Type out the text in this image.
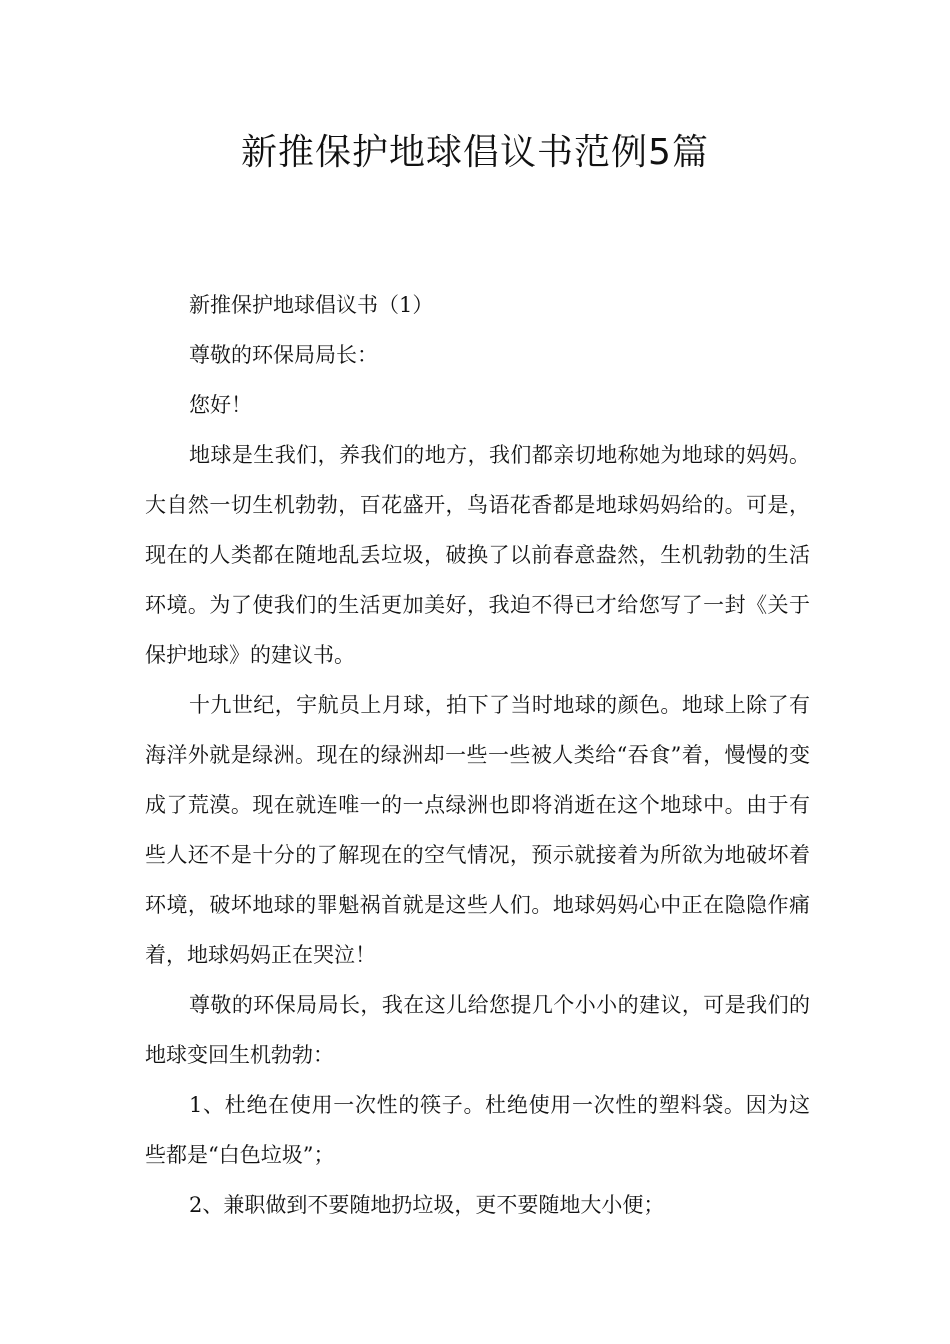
新推保护地球倡议书范例5篇

新推保护地球倡议书（1）

尊敬的环保局局长：

您好！

地球是生我们，养我们的地方，我们都亲切地称她为地球的妈妈。大自然一切生机勃勃，百花盛开，鸟语花香都是地球妈妈给的。可是，现在的人类都在随地乱丢垃圾，破换了以前春意盎然，生机勃勃的生活环境。为了使我们的生活更加美好，我迫不得已才给您写了一封《关于保护地球》的建议书。

十九世纪，宇航员上月球，拍下了当时地球的颜色。地球上除了有海洋外就是绿洲。现在的绿洲却一些一些被人类给“吞食”着，慢慢的变成了荒漠。现在就连唯一的一点绿洲也即将消逝在这个地球中。由于有些人还不是十分的了解现在的空气情况，预示就接着为所欲为地破坏着环境，破坏地球的罪魁祸首就是这些人们。地球妈妈心中正在隐隐作痛着，地球妈妈正在哭泣！

尊敬的环保局局长，我在这儿给您提几个小小的建议，可是我们的地球变回生机勃勃：

1、杜绝在使用一次性的筷子。杜绝使用一次性的塑料袋。因为这些都是“白色垃圾”；

2、兼职做到不要随地扔垃圾，更不要随地大小便；
